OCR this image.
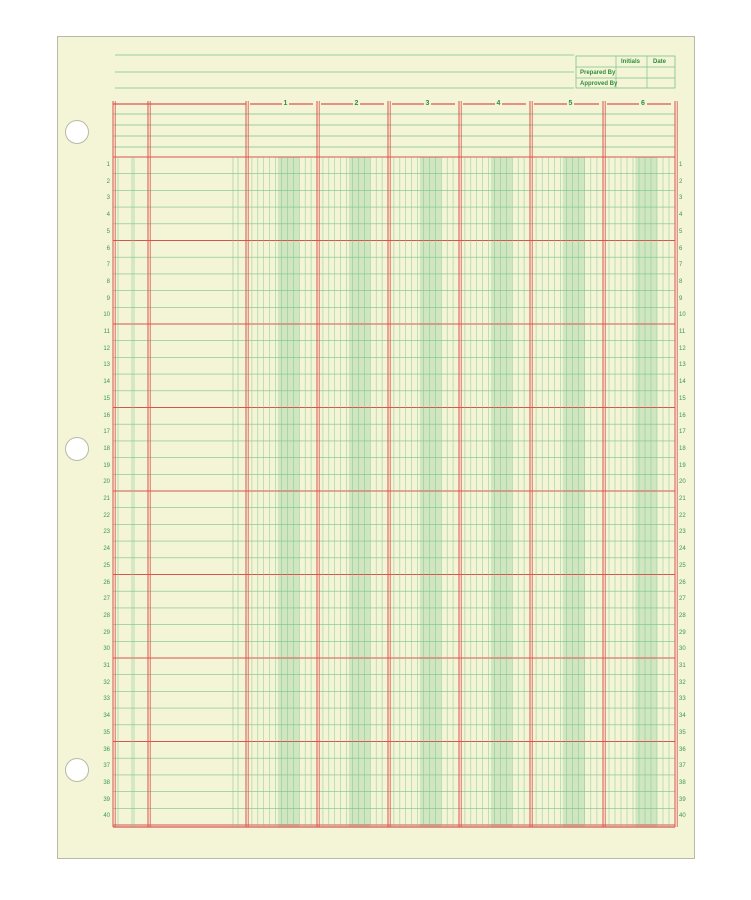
Initials Date
Prepared By
Approved By
1	2	3	4	5	6
1	1
2	2
3	3
4	4
5	5
6	6
7	7
8	8
9	9
10	10
11	11
12	12
13	13
14	14
15	15
16	16
17	17
18	18
19	19
20	20
21	21
22	22
23	23
24	24
25	25
26	26
27	27
28	28
29	29
30	30
31	31
32	32
33	33
34	34
35	35
36	36
37	37
38	38
39	39
40	40
